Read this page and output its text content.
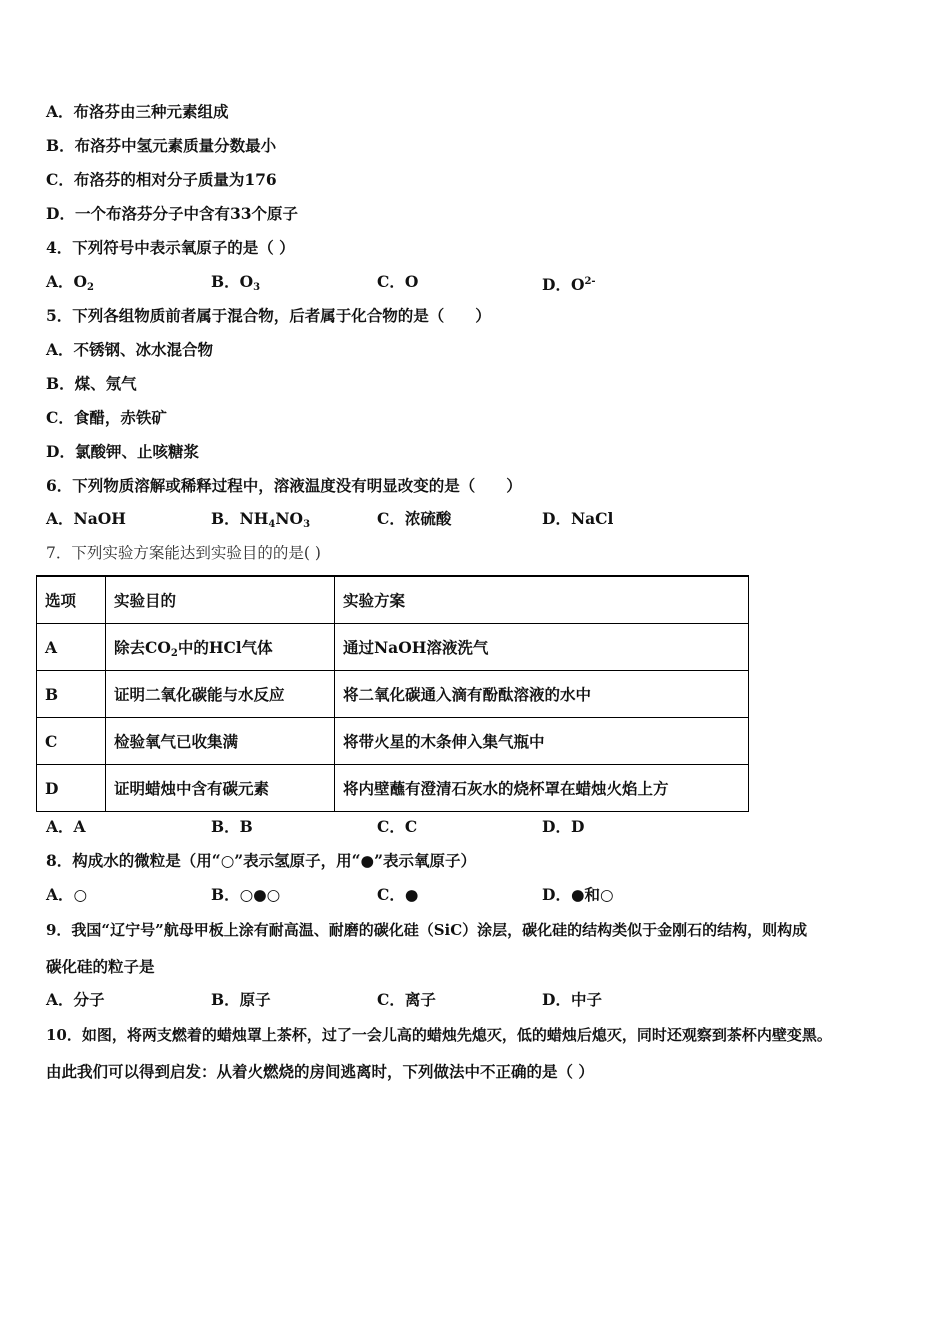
A．布洛芬由三种元素组成
B．布洛芬中氢元素质量分数最小
C．布洛芬的相对分子质量为176
D．一个布洛芬分子中含有33个原子
4．下列符号中表示氧原子的是（ ）
A．$O_2$	B．$O_3$	C．O	D．$O^{2-}$
5．下列各组物质前者属于混合物，后者属于化合物的是（　　）
A．不锈钢、冰水混合物
B．煤、氖气
C．食醋，赤铁矿
D．氯酸钾、止咳糖浆
6．下列物质溶解或稀释过程中，溶液温度没有明显改变的是（　　）
A．NaOH	B．$NH_4NO_3$	C．浓硫酸	D．NaCl
7．下列实验方案能达到实验目的的是( )
选项	实验目的	实验方案
A	除去$CO_2$中的HCl气体	通过NaOH溶液洗气
B	证明二氧化碳能与水反应	将二氧化碳通入滴有酚酞溶液的水中
C	检验氧气已收集满	将带火星的木条伸入集气瓶中
D	证明蜡烛中含有碳元素	将内壁蘸有澄清石灰水的烧杯罩在蜡烛火焰上方
A．A	B．B	C．C	D．D
8．构成水的微粒是（用“○”表示氢原子，用“●”表示氧原子）
A．○	B．○●○	C．●	D．●和○
9．我国“辽宁号”航母甲板上涂有耐高温、耐磨的碳化硅（SiC）涂层，碳化硅的结构类似于金刚石的结构，则构成
碳化硅的粒子是
A．分子	B．原子	C．离子	D．中子
10．如图，将两支燃着的蜡烛罩上茶杯，过了一会儿高的蜡烛先熄灭，低的蜡烛后熄灭，同时还观察到茶杯内壁变黑。
由此我们可以得到启发：从着火燃烧的房间逃离时，下列做法中不正确的是（ ）
